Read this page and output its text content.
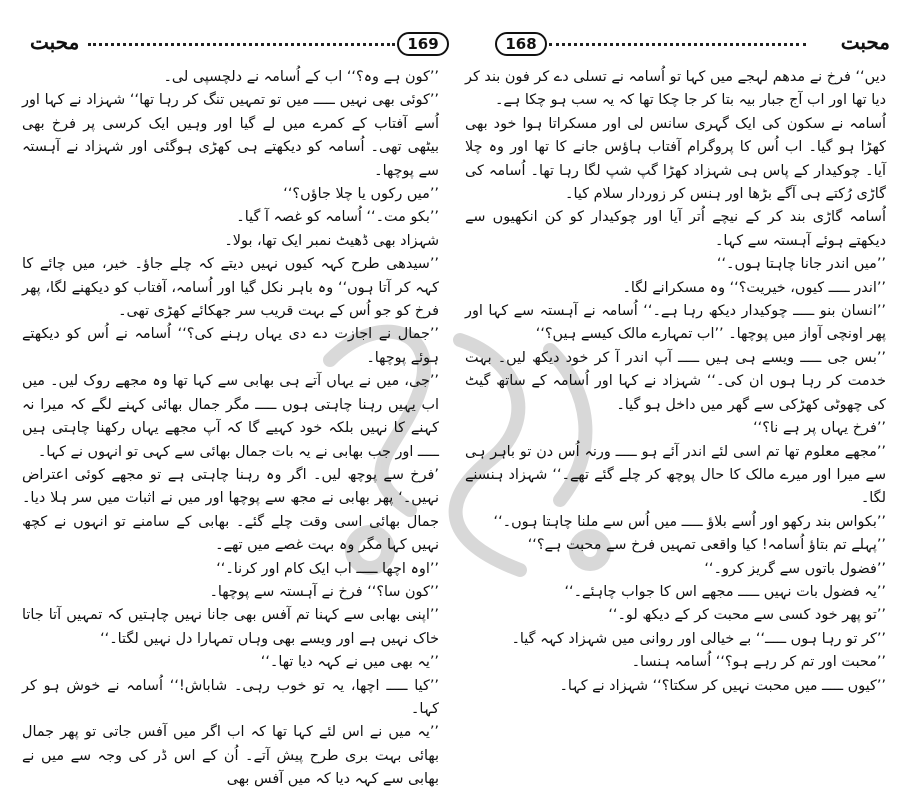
محبت	169

’’کون ہے وہ؟‘‘ اب کے اُسامہ نے دلچسپی لی۔

’’کوئی بھی نہیں ـــــ میں تو تمہیں تنگ کر رہا تھا‘‘ شہزاد نے کہا اور اُسے آفتاب کے کمرے میں لے گیا اور وہیں ایک کرسی پر فرخ بھی بیٹھی تھی۔ اُسامہ کو دیکھتے ہی کھڑی ہوگئی اور شہزاد نے آہستہ سے پوچھا۔

’’میں رکوں یا چلا جاؤں؟‘‘

’’بکو مت۔‘‘ اُسامہ کو غصہ آ گیا۔

شہزاد بھی ڈھیٹ نمبر ایک تھا، بولا۔

’’سیدھی طرح کہہ کیوں نہیں دیتے کہ چلے جاؤ۔ خیر، میں چائے کا کہہ کر آتا ہوں‘‘ وہ باہر نکل گیا اور اُسامہ، آفتاب کو دیکھنے لگا، پھر فرخ کو جو اُس کے بہت قریب سر جھکائے کھڑی تھی۔

’’جمال نے اجازت دے دی یہاں رہنے کی؟‘‘ اُسامہ نے اُس کو دیکھتے ہوئے پوچھا۔

’’جی، میں نے یہاں آتے ہی بھابی سے کہا تھا وہ مجھے روک لیں۔ میں اب یہیں رہنا چاہتی ہوں ـــــ مگر جمال بھائی کہنے لگے کہ میرا نہ کہنے کا نہیں بلکہ خود کہیے گا کہ آپ مجھے یہاں رکھنا چاہتی ہیں ـــــ اور جب بھابی نے یہ بات جمال بھائی سے کہی تو انہوں نے کہا۔

’فرخ سے پوچھ لیں۔ اگر وہ رہنا چاہتی ہے تو مجھے کوئی اعتراض نہیں۔‘ پھر بھابی نے مجھ سے پوچھا اور میں نے اثبات میں سر ہلا دیا۔ جمال بھائی اسی وقت چلے گئے۔ بھابی کے سامنے تو انہوں نے کچھ نہیں کہا مگر وہ بہت غصے میں تھے۔

’’اوہ اچھا ـــــ اب ایک کام اور کرنا۔‘‘

’’کون سا؟‘‘ فرخ نے آہستہ سے پوچھا۔

’’اپنی بھابی سے کہنا تم آفس بھی جانا نہیں چاہتیں کہ تمہیں آتا جاتا خاک نہیں ہے اور ویسے بھی وہاں تمہارا دل نہیں لگتا۔‘‘

’’یہ بھی میں نے کہہ دیا تھا۔‘‘

’’کیا ـــــ اچھا، یہ تو خوب رہی۔ شاباش!‘‘ اُسامہ نے خوش ہو کر کہا۔

’’یہ میں نے اس لئے کہا تھا کہ اب اگر میں آفس جاتی تو پھر جمال بھائی بہت بری طرح پیش آتے۔ اُن کے اس ڈر کی وجہ سے میں نے بھابی سے کہہ دیا کہ میں آفس بھی

168	محبت

دیں‘‘ فرخ نے مدھم لہجے میں کہا تو اُسامہ نے تسلی دے کر فون بند کر دیا تھا اور اب آج جبار بیہ بتا کر جا چکا تھا کہ یہ سب ہو چکا ہے۔

اُسامہ نے سکون کی ایک گہری سانس لی اور مسکراتا ہوا خود بھی کھڑا ہو گیا۔ اب اُس کا پروگرام آفتاب ہاؤس جانے کا تھا اور وہ چلا آیا۔ چوکیدار کے پاس ہی شہزاد کھڑا گپ شپ لگا رہا تھا۔ اُسامہ کی گاڑی رُکتے ہی آگے بڑھا اور ہنس کر زوردار سلام کیا۔

اُسامہ گاڑی بند کر کے نیچے اُتر آیا اور چوکیدار کو کن انکھیوں سے دیکھتے ہوئے آہستہ سے کہا۔

’’میں اندر جانا چاہتا ہوں۔‘‘

’’اندر ـــــ کیوں، خیریت؟‘‘ وہ مسکرانے لگا۔

’’انسان بنو ـــــ چوکیدار دیکھ رہا ہے۔‘‘ اُسامہ نے آہستہ سے کہا اور پھر اونچی آواز میں پوچھا۔ ’’اب تمہارے مالک کیسے ہیں؟‘‘

’’بس جی ـــــ ویسے ہی ہیں ـــــ آپ اندر آ کر خود دیکھ لیں۔ بہت خدمت کر رہا ہوں ان کی۔‘‘ شہزاد نے کہا اور اُسامہ کے ساتھ گیٹ کی چھوٹی کھڑکی سے گھر میں داخل ہو گیا۔

’’فرخ یہاں پر ہے نا؟‘‘

’’مجھے معلوم تھا تم اسی لئے اندر آئے ہو ـــــ ورنہ اُس دن تو باہر ہی سے میرا اور میرے مالک کا حال پوچھ کر چلے گئے تھے۔‘‘ شہزاد ہنسنے لگا۔

’’بکواس بند رکھو اور اُسے بلاؤ ـــــ میں اُس سے ملنا چاہتا ہوں۔‘‘

’’پہلے تم بتاؤ اُسامہ! کیا واقعی تمہیں فرخ سے محبت ہے؟‘‘

’’فضول باتوں سے گریز کرو۔‘‘

’’یہ فضول بات نہیں ـــــ مجھے اس کا جواب چاہئے۔‘‘

’’تو پھر خود کسی سے محبت کر کے دیکھ لو۔‘‘

’’کر تو رہا ہوں ـــــ‘‘ بے خیالی اور روانی میں شہزاد کہہ گیا۔

’’محبت اور تم کر رہے ہو؟‘‘ اُسامہ ہنسا۔

’’کیوں ـــــ میں محبت نہیں کر سکتا؟‘‘ شہزاد نے کہا۔
